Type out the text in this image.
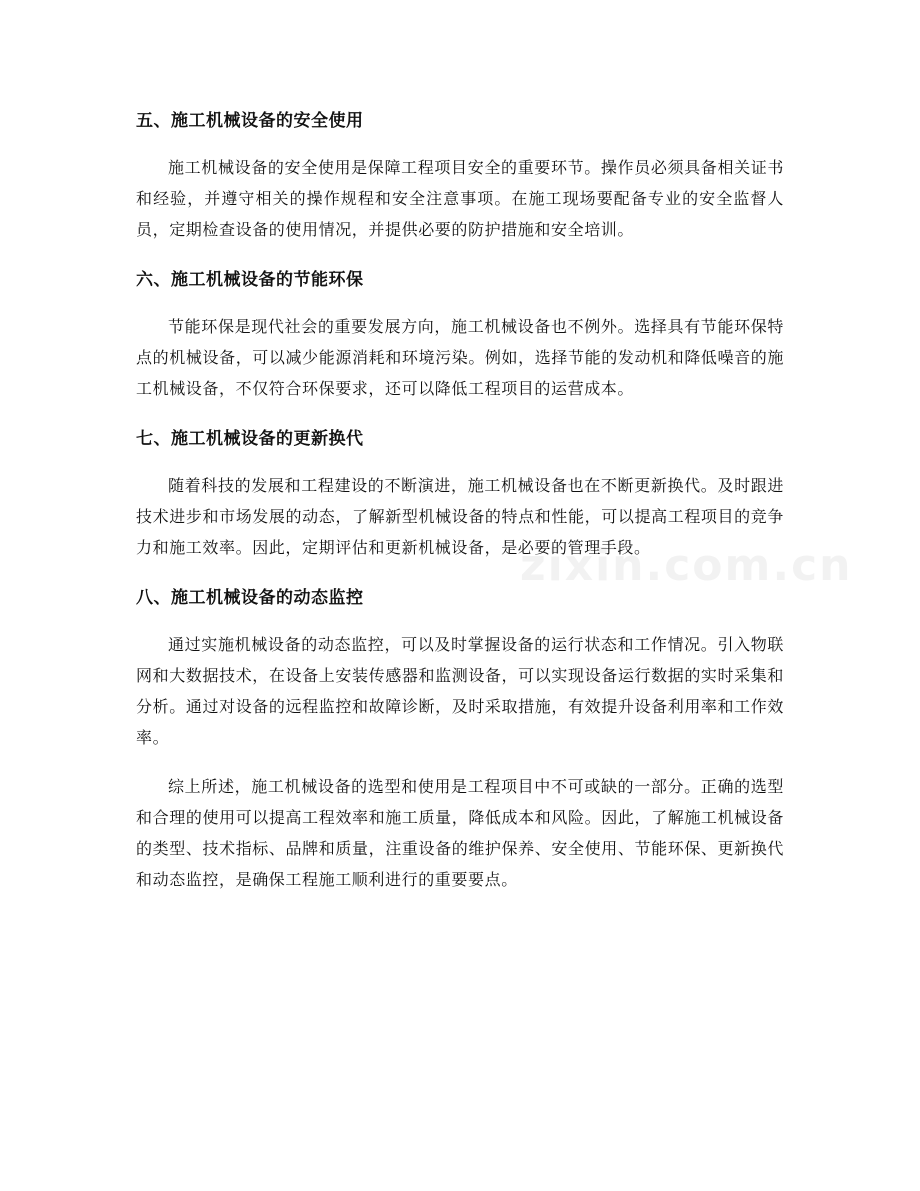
zixin.com.cn
五、施工机械设备的安全使用

施工机械设备的安全使用是保障工程项目安全的重要环节。操作员必须具备相关证书和经验，并遵守相关的操作规程和安全注意事项。在施工现场要配备专业的安全监督人员，定期检查设备的使用情况，并提供必要的防护措施和安全培训。

六、施工机械设备的节能环保

节能环保是现代社会的重要发展方向，施工机械设备也不例外。选择具有节能环保特点的机械设备，可以减少能源消耗和环境污染。例如，选择节能的发动机和降低噪音的施工机械设备，不仅符合环保要求，还可以降低工程项目的运营成本。

七、施工机械设备的更新换代

随着科技的发展和工程建设的不断演进，施工机械设备也在不断更新换代。及时跟进技术进步和市场发展的动态，了解新型机械设备的特点和性能，可以提高工程项目的竞争力和施工效率。因此，定期评估和更新机械设备，是必要的管理手段。

八、施工机械设备的动态监控

通过实施机械设备的动态监控，可以及时掌握设备的运行状态和工作情况。引入物联网和大数据技术，在设备上安装传感器和监测设备，可以实现设备运行数据的实时采集和分析。通过对设备的远程监控和故障诊断，及时采取措施，有效提升设备利用率和工作效率。

综上所述，施工机械设备的选型和使用是工程项目中不可或缺的一部分。正确的选型和合理的使用可以提高工程效率和施工质量，降低成本和风险。因此，了解施工机械设备的类型、技术指标、品牌和质量，注重设备的维护保养、安全使用、节能环保、更新换代和动态监控，是确保工程施工顺利进行的重要要点。
